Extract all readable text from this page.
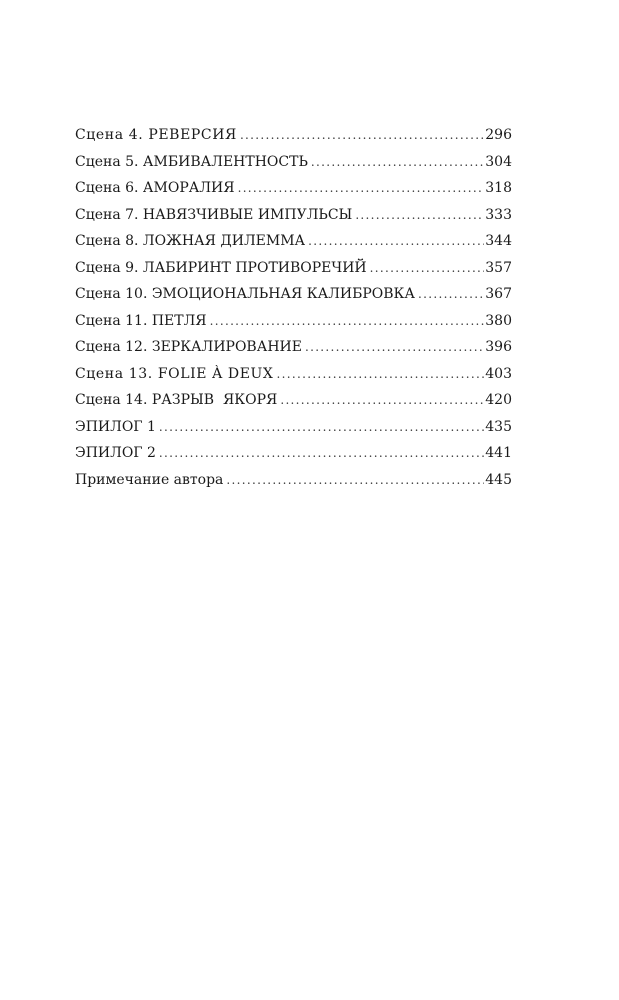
Сцена 4. РЕВЕРСИЯ .....	296
Сцена 5. АМБИВАЛЕНТНОСТЬ .....	304
Сцена 6. АМОРАЛИЯ .....	318
Сцена 7. НАВЯЗЧИВЫЕ ИМПУЛЬСЫ .....	333
Сцена 8. ЛОЖНАЯ ДИЛЕММА .....	344
Сцена 9. ЛАБИРИНТ ПРОТИВОРЕЧИЙ .....	357
Сцена 10. ЭМОЦИОНАЛЬНАЯ КАЛИБРОВКА .....	367
Сцена 11. ПЕТЛЯ .....	380
Сцена 12. ЗЕРКАЛИРОВАНИЕ .....	396
Сцена 13. FOLIE À DEUX .....	403
Сцена 14. РАЗРЫВ  ЯКОРЯ .....	420
ЭПИЛОГ 1 .....	435
ЭПИЛОГ 2 .....	441
Примечание автора .....	445
